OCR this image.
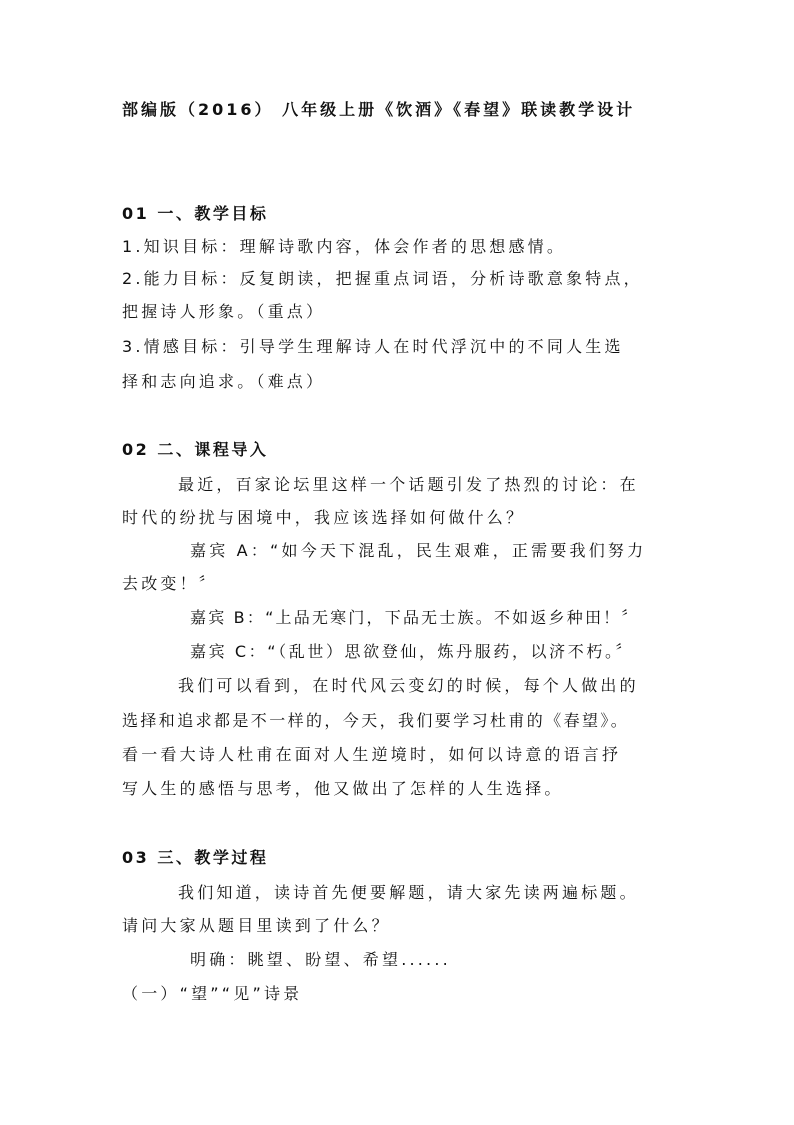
部编版（2016） 八年级上册《饮酒》《春望》联读教学设计
01 一、教学目标
1.知识目标：理解诗歌内容，体会作者的思想感情。
2.能力目标：反复朗读，把握重点词语，分析诗歌意象特点，
把握诗人形象。（重点）
3.情感目标：引导学生理解诗人在时代浮沉中的不同人生选
择和志向追求。（难点）
02 二、课程导入
最近，百家论坛里这样一个话题引发了热烈的讨论：在
时代的纷扰与困境中，我应该选择如何做什么？
嘉宾 A：“如今天下混乱，民生艰难，正需要我们努力
去改变！〞
嘉宾 B：“上品无寒门，下品无士族。不如返乡种田！〞
嘉宾 C：“（乱世）思欲登仙，炼丹服药，以济不朽。〞
我们可以看到，在时代风云变幻的时候，每个人做出的
选择和追求都是不一样的，今天，我们要学习杜甫的《春望》。
看一看大诗人杜甫在面对人生逆境时，如何以诗意的语言抒
写人生的感悟与思考，他又做出了怎样的人生选择。
03 三、教学过程
我们知道，读诗首先便要解题，请大家先读两遍标题。
请问大家从题目里读到了什么？
明确：眺望、盼望、希望......
（一）“望”“见”诗景
